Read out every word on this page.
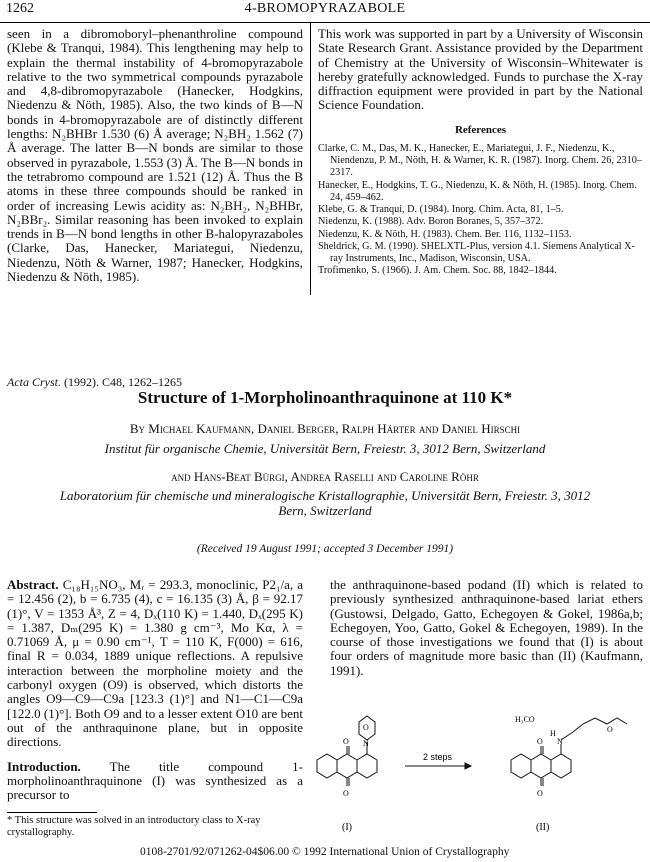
1262	4-BROMOPYRAZABOLE

seen in a dibromoboryl–phenanthroline compound (Klebe & Tranqui, 1984). This lengthening may help to explain the thermal instability of 4-bromopyrazabole relative to the two symmetrical compounds pyrazabole and 4,8-dibromopyrazabole (Hanecker, Hodgkins, Niedenzu & Nöth, 1985). Also, the two kinds of B—N bonds in 4-bromopyrazabole are of distinctly different lengths: N₂BHBr 1.530 (6) Å average; N₂BH₂ 1.562 (7) Å average. The latter B—N bonds are similar to those observed in pyrazabole, 1.553 (3) Å. The B—N bonds in the tetrabromo compound are 1.521 (12) Å. Thus the B atoms in these three compounds should be ranked in order of increasing Lewis acidity as: N₂BH₂, N₂BHBr, N₂BBr₂. Similar reasoning has been invoked to explain trends in B—N bond lengths in other B-halopyrazaboles (Clarke, Das, Hanecker, Mariategui, Niedenzu, Niedenzu, Nöth & Warner, 1987; Hanecker, Hodgkins, Niedenzu & Nöth, 1985).

This work was supported in part by a University of Wisconsin State Research Grant. Assistance provided by the Department of Chemistry at the University of Wisconsin–Whitewater is hereby gratefully acknowledged. Funds to purchase the X-ray diffraction equipment were provided in part by the National Science Foundation.

References

Clarke, C. M., Das, M. K., Hanecker, E., Mariategui, J. F., Niedenzu, K., Niendenzu, P. M., Nöth, H. & Warner, K. R. (1987). Inorg. Chem. 26, 2310–2317.

Hanecker, E., Hodgkins, T. G., Niedenzu, K. & Nöth, H. (1985). Inorg. Chem. 24, 459–462.

Klebe, G. & Tranqui, D. (1984). Inorg. Chim. Acta, 81, 1–5.

Niedenzu, K. (1988). Adv. Boron Boranes, 5, 357–372.

Niedenzu, K. & Nöth, H. (1983). Chem. Ber. 116, 1132–1153.

Sheldrick, G. M. (1990). SHELXTL-Plus, version 4.1. Siemens Analytical X-ray Instruments, Inc., Madison, Wisconsin, USA.

Trofimenko, S. (1966). J. Am. Chem. Soc. 88, 1842–1844.

Acta Cryst. (1992). C48, 1262–1265
Structure of 1-Morpholinoanthraquinone at 110 K*
By Michael Kaufmann, Daniel Berger, Ralph Härter and Daniel Hirschi
Institut für organische Chemie, Universität Bern, Freiestr. 3, 3012 Bern, Switzerland
and Hans-Beat Bürgi, Andrea Raselli and Caroline Röhr
Laboratorium für chemische und mineralogische Kristallographie, Universität Bern, Freiestr. 3, 3012 Bern, Switzerland
(Received 19 August 1991; accepted 3 December 1991)

Abstract. C₁₈H₁₅NO₃, Mᵣ = 293.3, monoclinic, P2₁/a, a = 12.456 (2), b = 6.735 (4), c = 16.135 (3) Å, β = 92.17 (1)°, V = 1353 Å³, Z = 4, Dₓ(110 K) = 1.440, Dₓ(295 K) = 1.387, Dₘ(295 K) = 1.380 g cm⁻³, Mo Kα, λ = 0.71069 Å, μ = 0.90 cm⁻¹, T = 110 K, F(000) = 616, final R = 0.034, 1889 unique reflections. A repulsive interaction between the morpholine moiety and the carbonyl oxygen (O9) is observed, which distorts the angles O9—C9—C9a [123.3 (1)°] and N1—C1—C9a [122.0 (1)°]. Both O9 and to a lesser extent O10 are bent out of the anthraquinone plane, but in opposite directions.

Introduction. The title compound 1-morpholinoanthraquinone (I) was synthesized as a precursor to

the anthraquinone-based podand (II) which is related to previously synthesized anthraquinone-based lariat ethers (Gustowsi, Delgado, Gatto, Echegoyen & Gokel, 1986a,b; Echegoyen, Yoo, Gatto, Gokel & Echegoyen, 1989). In the course of those investigations we found that (I) is about four orders of magnitude more basic than (II) (Kaufmann, 1991).

O
N
O
O
2 steps
O
O
H
N
H₃CO
O
(I)	(II)
* This structure was solved in an introductory class to X-ray crystallography.
0108-2701/92/071262-04$06.00 © 1992 International Union of Crystallography
